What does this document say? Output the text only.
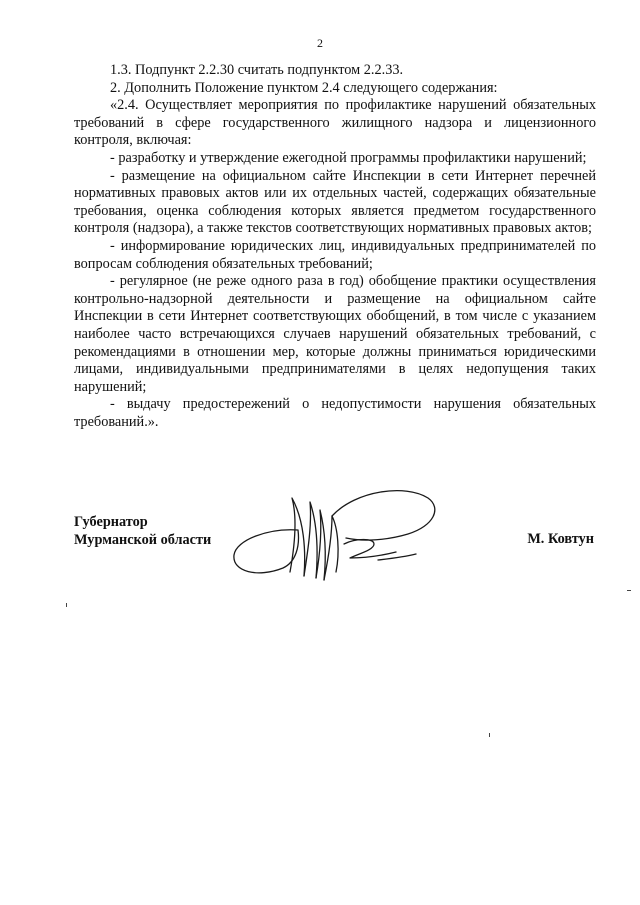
2

1.3. Подпункт 2.2.30 считать подпунктом 2.2.33.

2. Дополнить Положение пунктом 2.4 следующего содержания:

«2.4. Осуществляет мероприятия по профилактике нарушений обязательных требований в сфере государственного жилищного надзора и лицензионного контроля, включая:

- разработку и утверждение ежегодной программы профилактики нарушений;

- размещение на официальном сайте Инспекции в сети Интернет перечней нормативных правовых актов или их отдельных частей, содержащих обязательные требования, оценка соблюдения которых является предметом государственного контроля (надзора), а также текстов соответствующих нормативных правовых актов;

- информирование юридических лиц, индивидуальных предпринимателей по вопросам соблюдения обязательных требований;

- регулярное (не реже одного раза в год) обобщение практики осуществления контрольно-надзорной деятельности и размещение на официальном сайте Инспекции в сети Интернет соответствующих обобщений, в том числе с указанием наиболее часто встречающихся случаев нарушений обязательных требований, с рекомендациями в отношении мер, которые должны приниматься юридическими лицами, индивидуальными предпринимателями в целях недопущения таких нарушений;

- выдачу предостережений о недопустимости нарушения обязательных требований.».

Губернатор
Мурманской области	М. Ковтун
